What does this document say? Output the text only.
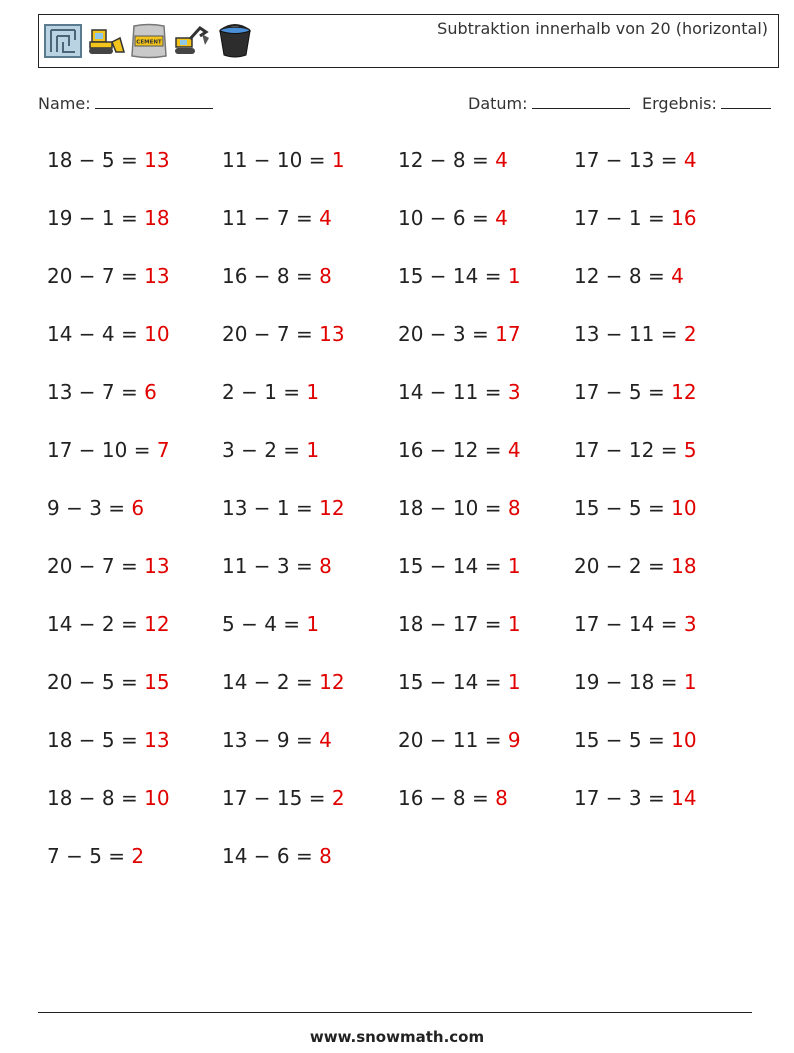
CEMENT
Subtraktion innerhalb von 20 (horizontal)
Name:	Datum:	Ergebnis:
18 − 5 = 13
19 − 1 = 18
20 − 7 = 13
14 − 4 = 10
13 − 7 = 6
17 − 10 = 7
9 − 3 = 6
20 − 7 = 13
14 − 2 = 12
20 − 5 = 15
18 − 5 = 13
18 − 8 = 10
7 − 5 = 2
11 − 10 = 1
11 − 7 = 4
16 − 8 = 8
20 − 7 = 13
2 − 1 = 1
3 − 2 = 1
13 − 1 = 12
11 − 3 = 8
5 − 4 = 1
14 − 2 = 12
13 − 9 = 4
17 − 15 = 2
14 − 6 = 8
12 − 8 = 4
10 − 6 = 4
15 − 14 = 1
20 − 3 = 17
14 − 11 = 3
16 − 12 = 4
18 − 10 = 8
15 − 14 = 1
18 − 17 = 1
15 − 14 = 1
20 − 11 = 9
16 − 8 = 8
17 − 13 = 4
17 − 1 = 16
12 − 8 = 4
13 − 11 = 2
17 − 5 = 12
17 − 12 = 5
15 − 5 = 10
20 − 2 = 18
17 − 14 = 3
19 − 18 = 1
15 − 5 = 10
17 − 3 = 14
www.snowmath.com
